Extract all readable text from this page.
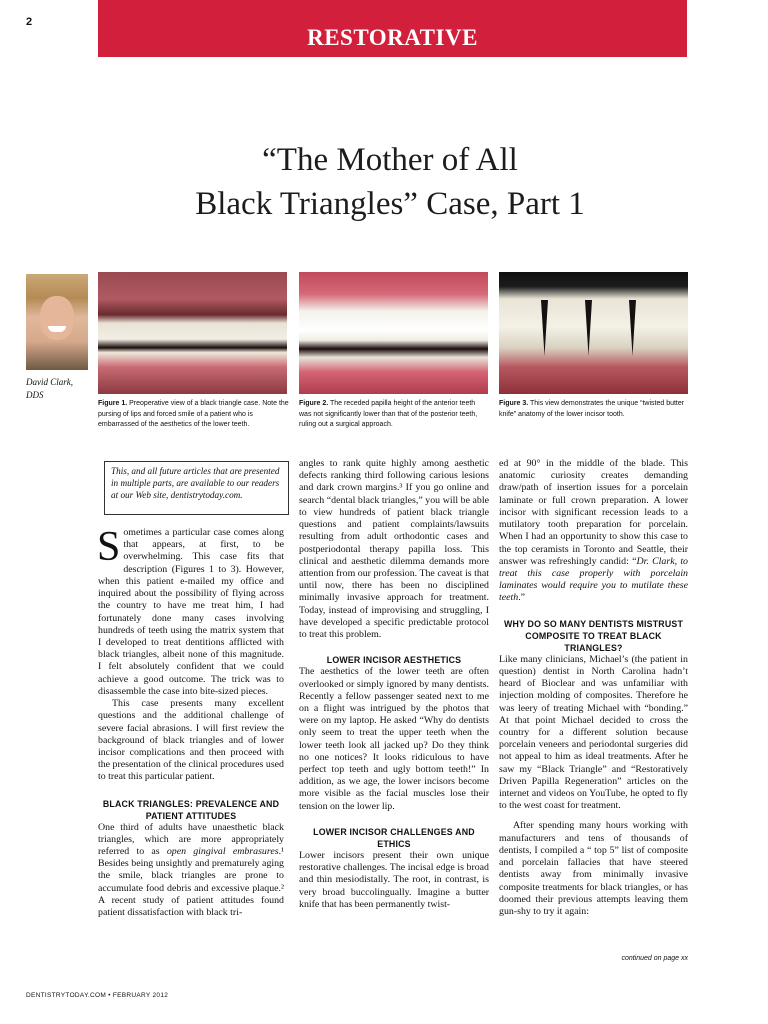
2
RESTORATIVE
“The Mother of All
Black Triangles” Case, Part 1
David Clark,
DDS
Figure 1. Preoperative view of a black triangle case. Note the pursing of lips and forced smile of a patient who is embarrassed of the aesthetics of the lower teeth.
Figure 2. The receded papilla height of the anterior teeth was not significantly lower than that of the posterior teeth, ruling out a surgical approach.
Figure 3. This view demonstrates the unique “twisted butter knife” anatomy of the lower incisor tooth.
This, and all future articles that are presented in multiple parts, are available to our readers at our Web site, dentistrytoday.com.

Sometimes a particular case comes along that appears, at first, to be overwhelming. This case fits that description (Figures 1 to 3). However, when this patient e-mailed my office and inquired about the possibility of flying across the country to have me treat him, I had fortunately done many cases involving hundreds of teeth using the matrix system that I developed to treat dentitions afflicted with black triangles, albeit none of this magnitude. I felt absolutely confident that we could achieve a good outcome. The trick was to disassemble the case into bite-sized pieces.

This case presents many excellent questions and the additional challenge of severe facial abrasions. I will first review the background of black triangles and of lower incisor complications and then proceed with the presentation of the clinical procedures used to treat this particular patient.

BLACK TRIANGLES: PREVALENCE AND PATIENT ATTITUDES

One third of adults have unaesthetic black triangles, which are more appropriately referred to as open gingival embrasures.¹ Besides being unsightly and prematurely aging the smile, black triangles are prone to accumulate food debris and excessive plaque.² A recent study of patient attitudes found patient dissatisfaction with black tri-

angles to rank quite highly among aesthetic defects ranking third following carious lesions and dark crown margins.³ If you go online and search “dental black triangles,” you will be able to view hundreds of patient black triangle questions and patient complaints/lawsuits resulting from adult orthodontic cases and postperiodontal therapy papilla loss. This clinical and aesthetic dilemma demands more attention from our profession. The caveat is that until now, there has been no disciplined minimally invasive approach for treatment. Today, instead of improvising and struggling, I have developed a specific predictable protocol to treat this problem.

LOWER INCISOR AESTHETICS

The aesthetics of the lower teeth are often overlooked or simply ignored by many dentists. Recently a fellow passenger seated next to me on a flight was intrigued by the photos that were on my laptop. He asked “Why do dentists only seem to treat the upper teeth when the lower teeth look all jacked up? Do they think no one notices? It looks ridiculous to have perfect top teeth and ugly bottom teeth!” In addition, as we age, the lower incisors become more visible as the facial muscles lose their tension on the lower lip.

LOWER INCISOR CHALLENGES AND ETHICS

Lower incisors present their own unique restorative challenges. The incisal edge is broad and thin mesiodistally. The root, in contrast, is very broad buccolingually. Imagine a butter knife that has been permanently twist-

ed at 90° in the middle of the blade. This anatomic curiosity creates demanding draw/path of insertion issues for a porcelain laminate or full crown preparation. A lower incisor with significant recession leads to a mutilatory tooth preparation for porcelain. When I had an opportunity to show this case to the top ceramists in Toronto and Seattle, their answer was refreshingly candid: “Dr. Clark, to treat this case properly with porcelain laminates would require you to mutilate these teeth.”

WHY DO SO MANY DENTISTS MISTRUST COMPOSITE TO TREAT BLACK TRIANGLES?

Like many clinicians, Michael’s (the patient in question) dentist in North Carolina hadn’t heard of Bioclear and was unfamiliar with injection molding of composites. Therefore he was leery of treating Michael with “bonding.” At that point Michael decided to cross the country for a different solution because porcelain veneers and periodontal surgeries did not appeal to him as ideal treatments. After he saw my “Black Triangle” and “Restoratively Driven Papilla Regeneration” articles on the internet and videos on YouTube, he opted to fly to the west coast for treatment.

After spending many hours working with manufacturers and tens of thousands of dentists, I compiled a “ top 5” list of composite and porcelain fallacies that have steered dentists away from minimally invasive composite treatments for black triangles, or has doomed their previous attempts leaving them gun-shy to try it again:

continued on page xx
DENTISTRYTODAY.COM • FEBRUARY 2012
